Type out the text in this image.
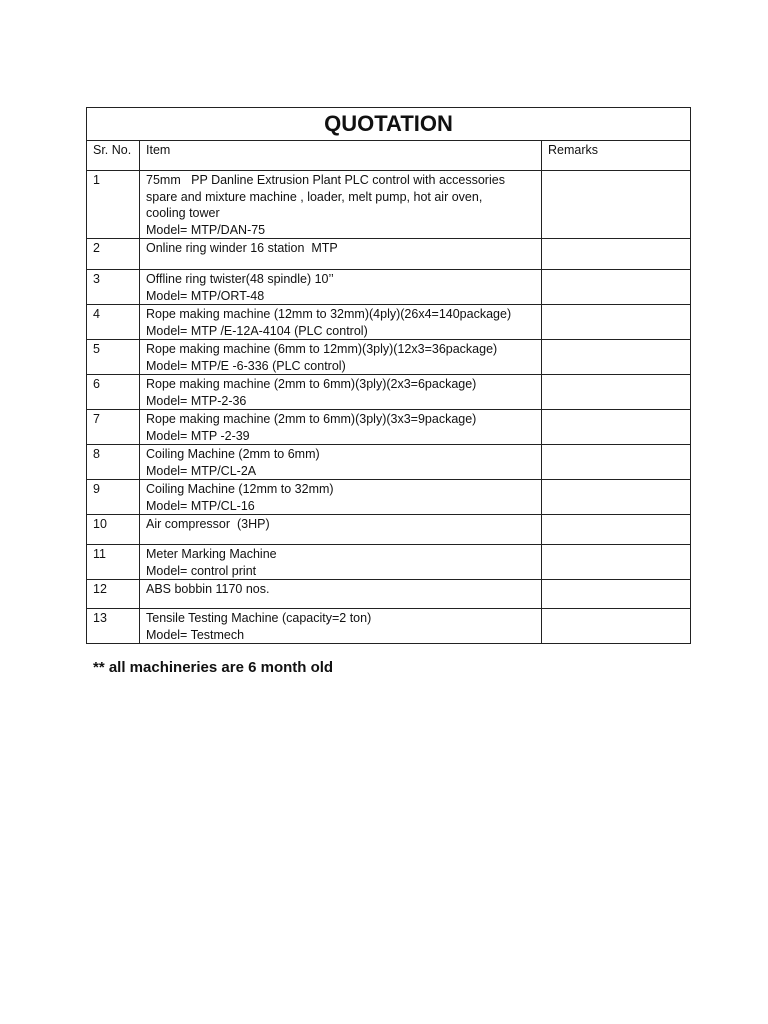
QUOTATION		
Sr. No.	Item	Remarks
1	75mm   PP Danline Extrusion Plant PLC control with accessories
spare and mixture machine , loader, melt pump, hot air oven,
cooling tower
Model= MTP/DAN-75	

2	Online ring winder 16 station  MTP	

3	Offline ring twister(48 spindle) 10’’
Model= MTP/ORT-48	

4	Rope making machine (12mm to 32mm)(4ply)(26x4=140package)
Model= MTP /E-12A-4104 (PLC control)	

5	Rope making machine (6mm to 12mm)(3ply)(12x3=36package)
Model= MTP/E -6-336 (PLC control)	

6	Rope making machine (2mm to 6mm)(3ply)(2x3=6package)
Model= MTP-2-36	

7	Rope making machine (2mm to 6mm)(3ply)(3x3=9package)
Model= MTP -2-39	

8	Coiling Machine (2mm to 6mm)
Model= MTP/CL-2A	

9	Coiling Machine (12mm to 32mm)
Model= MTP/CL-16	

10	Air compressor  (3HP)	

11	Meter Marking Machine
Model= control print	

12	ABS bobbin 1170 nos.	

13	Tensile Testing Machine (capacity=2 ton)
Model= Testmech	

** all machineries are 6 month old
